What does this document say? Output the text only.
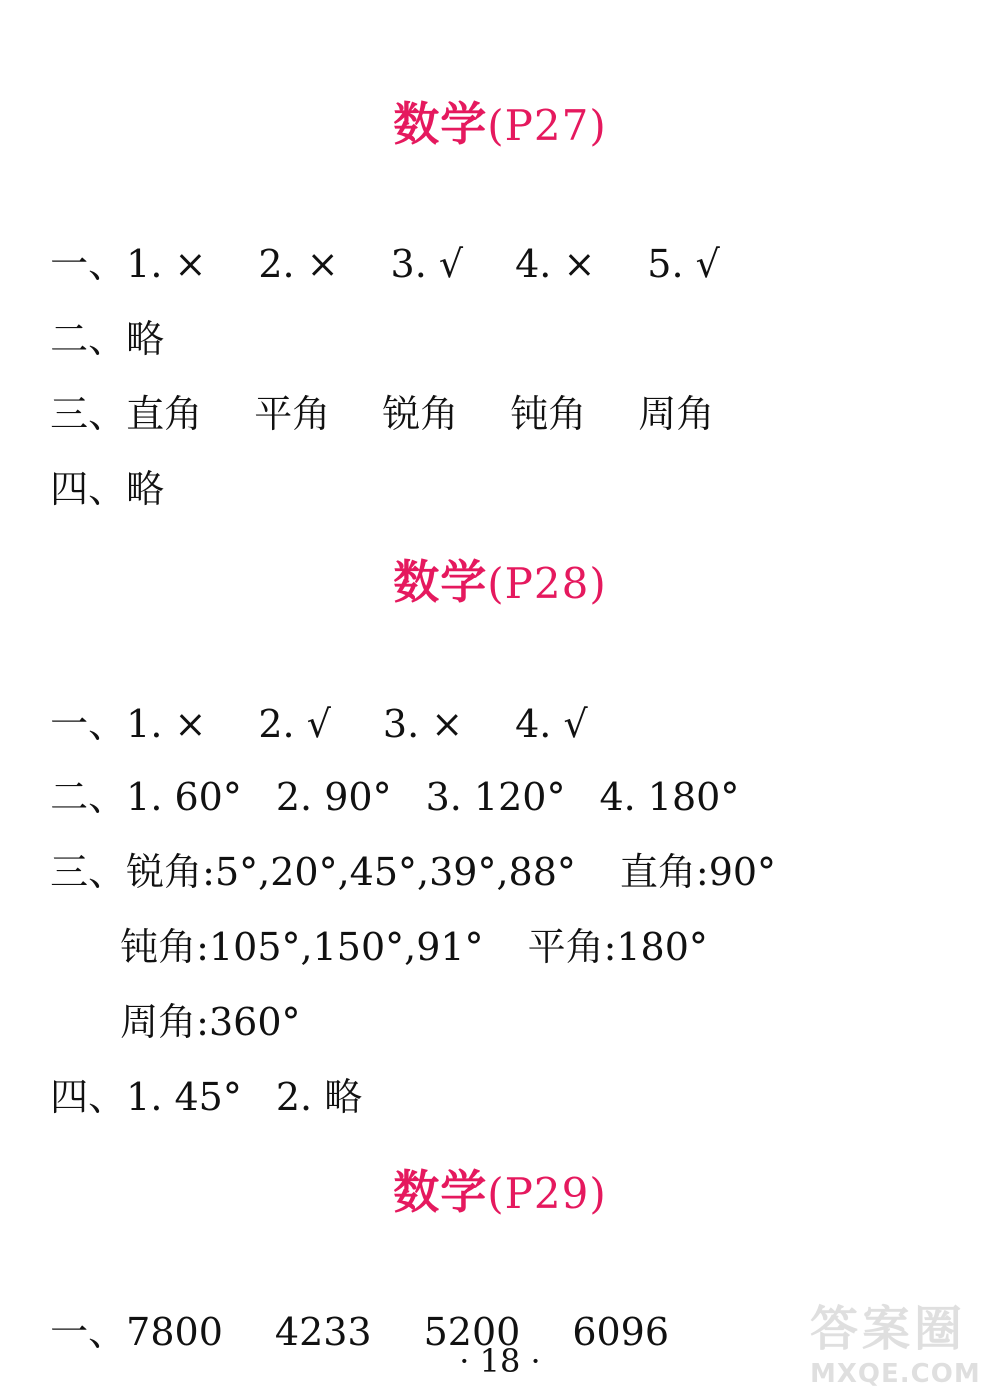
数学(P27)

一、1. × 2. × 3. √ 4. × 5. √

二、略

三、直角 平角 锐角 钝角 周角

四、略

数学(P28)

一、1. × 2. √ 3. × 4. √

二、1. 60° 2. 90° 3. 120° 4. 180°

三、锐角:5°,20°,45°,39°,88° 直角:90°

钝角:105°,150°,91° 平角:180°

周角:360°

四、1. 45° 2. 略

数学(P29)

一、7800 4233 5200 6096

· 18 ·
答案圈
MXQE.COM
